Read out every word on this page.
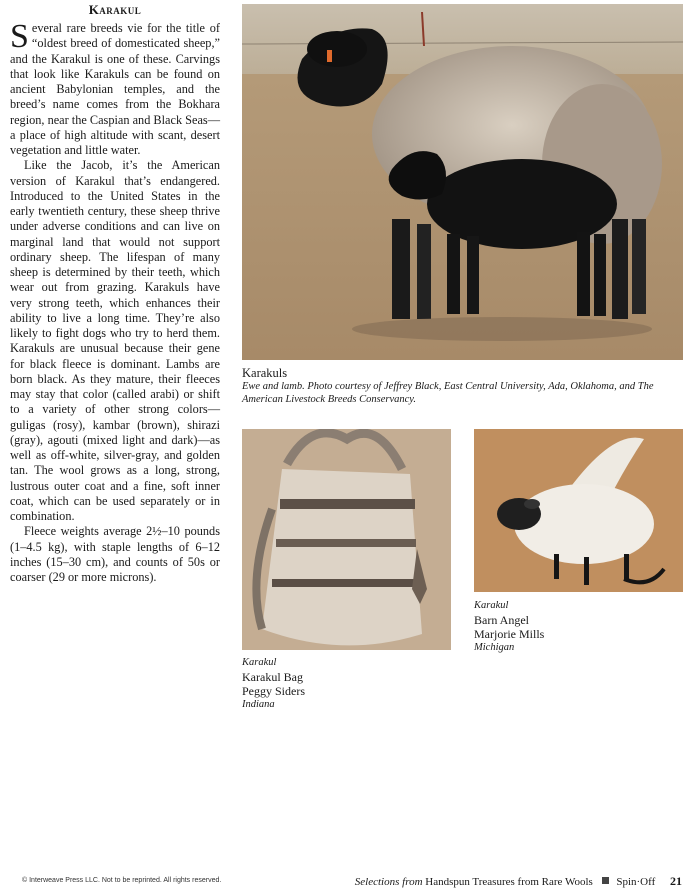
Karakul

Several rare breeds vie for the title of “oldest breed of domesticated sheep,” and the Karakul is one of these. Carvings that look like Karakuls can be found on ancient Babylonian temples, and the breed’s name comes from the Bokhara region, near the Caspian and Black Seas—a place of high altitude with scant, desert vegetation and little water.

Like the Jacob, it’s the American version of Karakul that’s endangered. Introduced to the United States in the early twentieth century, these sheep thrive under adverse conditions and can live on marginal land that would not support ordinary sheep. The lifespan of many sheep is determined by their teeth, which wear out from grazing. Karakuls have very strong teeth, which enhances their ability to live a long time. They’re also likely to fight dogs who try to herd them. Karakuls are unusual because their gene for black fleece is dominant. Lambs are born black. As they mature, their fleeces may stay that color (called arabi) or shift to a variety of other strong colors—guligas (rosy), kambar (brown), shirazi (gray), agouti (mixed light and dark)—as well as off-white, silver-gray, and golden tan. The wool grows as a long, strong, lustrous outer coat and a fine, soft inner coat, which can be used separately or in combination.

Fleece weights average 2½–10 pounds (1–4.5 kg), with staple lengths of 6–12 inches (15–30 cm), and counts of 50s or coarser (29 or more microns).

Karakuls
Ewe and lamb. Photo courtesy of Jeffrey Black, East Central University, Ada, Oklahoma, and The American Livestock Breeds Conservancy.
Karakul
Karakul Bag
Peggy Siders
Indiana
Karakul
Barn Angel
Marjorie Mills
Michigan
© Interweave Press LLC. Not to be reprinted. All rights reserved.	Selections from Handspun Treasures from Rare Wools Spin·Off 21
